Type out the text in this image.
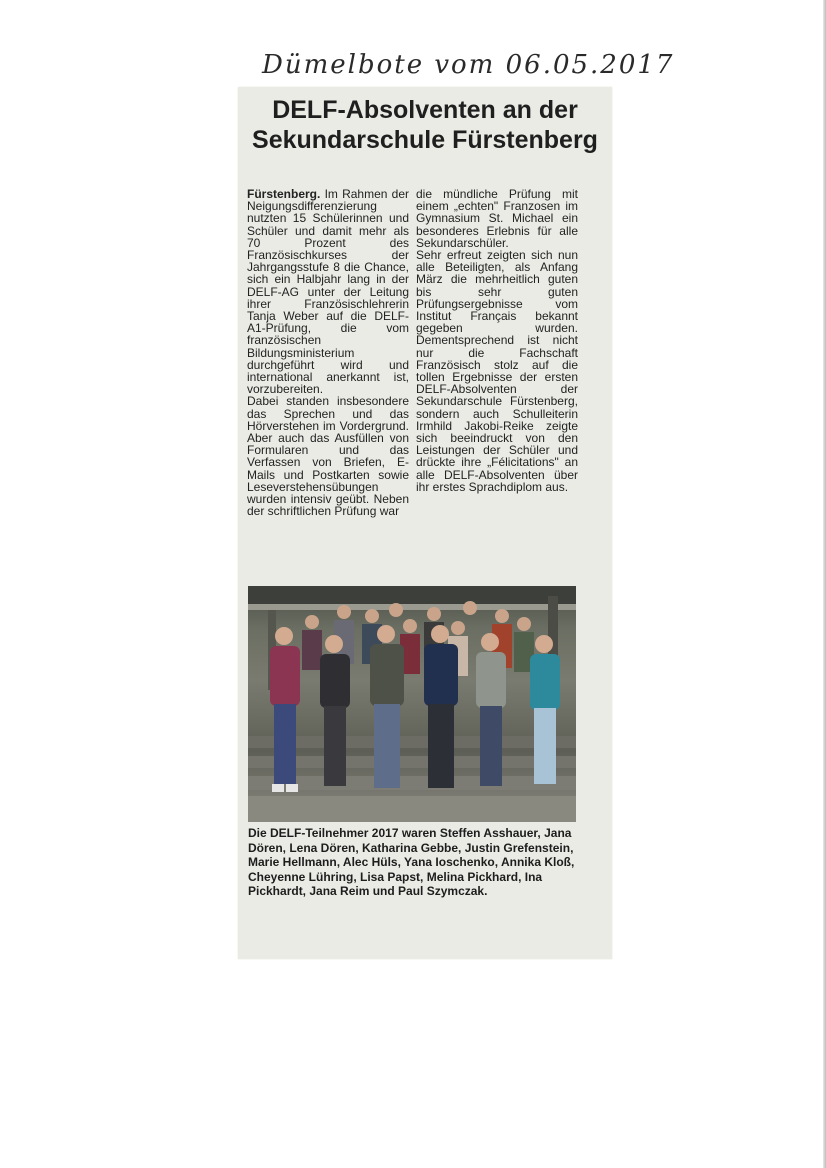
Dümelbote vom 06.05.2017
DELF-Absolventen an der Sekundarschule Fürstenberg

Fürstenberg. Im Rahmen der Neigungsdifferenzierung nutzten 15 Schülerinnen und Schüler und damit mehr als 70 Prozent des Französischkurses der Jahrgangsstufe 8 die Chance, sich ein Halbjahr lang in der DELF-AG unter der Leitung ihrer Französischlehrerin Tanja Weber auf die DELF-A1-Prüfung, die vom französischen Bildungsministerium durchgeführt wird und international anerkannt ist, vorzubereiten.

Dabei standen insbesondere das Sprechen und das Hörverstehen im Vordergrund. Aber auch das Ausfüllen von Formularen und das Verfassen von Briefen, E-Mails und Postkarten sowie Leseverstehensübungen wurden intensiv geübt. Neben der schriftlichen Prüfung war

die mündliche Prüfung mit einem „echten" Franzosen im Gymnasium St. Michael ein besonderes Erlebnis für alle Sekundarschüler.

Sehr erfreut zeigten sich nun alle Beteiligten, als Anfang März die mehrheitlich guten bis sehr guten Prüfungsergebnisse vom Institut Français bekannt gegeben wurden. Dementsprechend ist nicht nur die Fachschaft Französisch stolz auf die tollen Ergebnisse der ersten DELF-Absolventen der Sekundarschule Fürstenberg, sondern auch Schulleiterin Irmhild Jakobi-Reike zeigte sich beeindruckt von den Leistungen der Schüler und drückte ihre „Félicitations" an alle DELF-Absolventen über ihr erstes Sprachdiplom aus.

Die DELF-Teilnehmer 2017 waren Steffen Asshauer, Jana Dören, Lena Dören, Katharina Gebbe, Justin Grefenstein, Marie Hellmann, Alec Hüls, Yana Ioschenko, Annika Kloß, Cheyenne Lühring, Lisa Papst, Melina Pickhard, Ina Pickhardt, Jana Reim und Paul Szymczak.
